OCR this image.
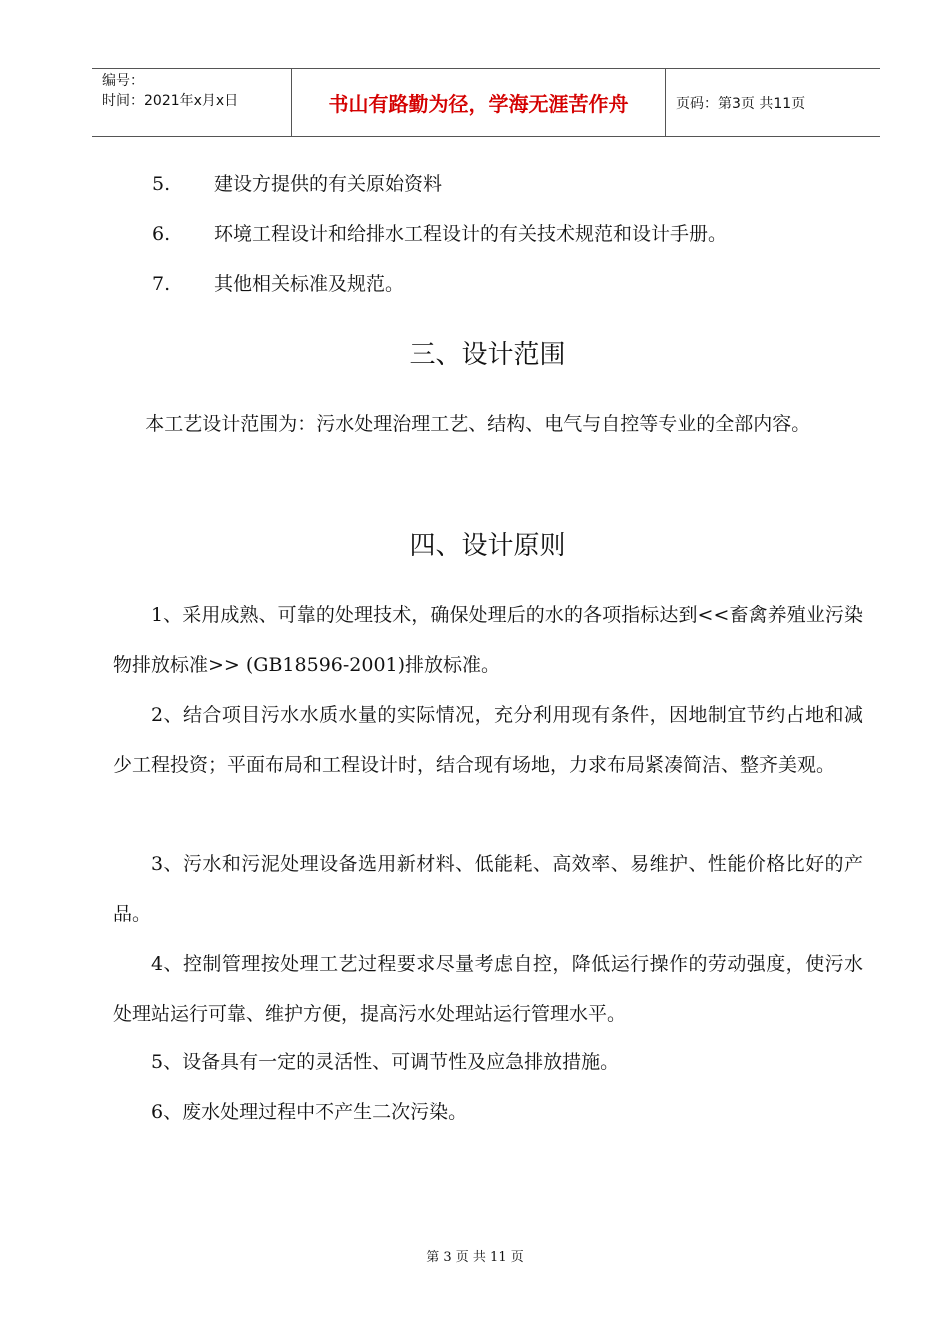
编号：
时间：2021年x月x日	书山有路勤为径，学海无涯苦作舟	页码：第3页 共11页
5. 建设方提供的有关原始资料
6. 环境工程设计和给排水工程设计的有关技术规范和设计手册。
7. 其他相关标准及规范。
三、设计范围

本工艺设计范围为：污水处理治理工艺、结构、电气与自控等专业的全部内容。

四、设计原则

1、采用成熟、可靠的处理技术，确保处理后的水的各项指标达到<<畜禽养殖业污染物排放标准>> (GB18596-2001)排放标准。

2、结合项目污水水质水量的实际情况，充分利用现有条件，因地制宜节约占地和减少工程投资；平面布局和工程设计时，结合现有场地，力求布局紧凑简洁、整齐美观。

3、污水和污泥处理设备选用新材料、低能耗、高效率、易维护、性能价格比好的产品。

4、控制管理按处理工艺过程要求尽量考虑自控，降低运行操作的劳动强度，使污水处理站运行可靠、维护方便，提高污水处理站运行管理水平。

5、设备具有一定的灵活性、可调节性及应急排放措施。

6、废水处理过程中不产生二次污染。

第 3 页 共 11 页
